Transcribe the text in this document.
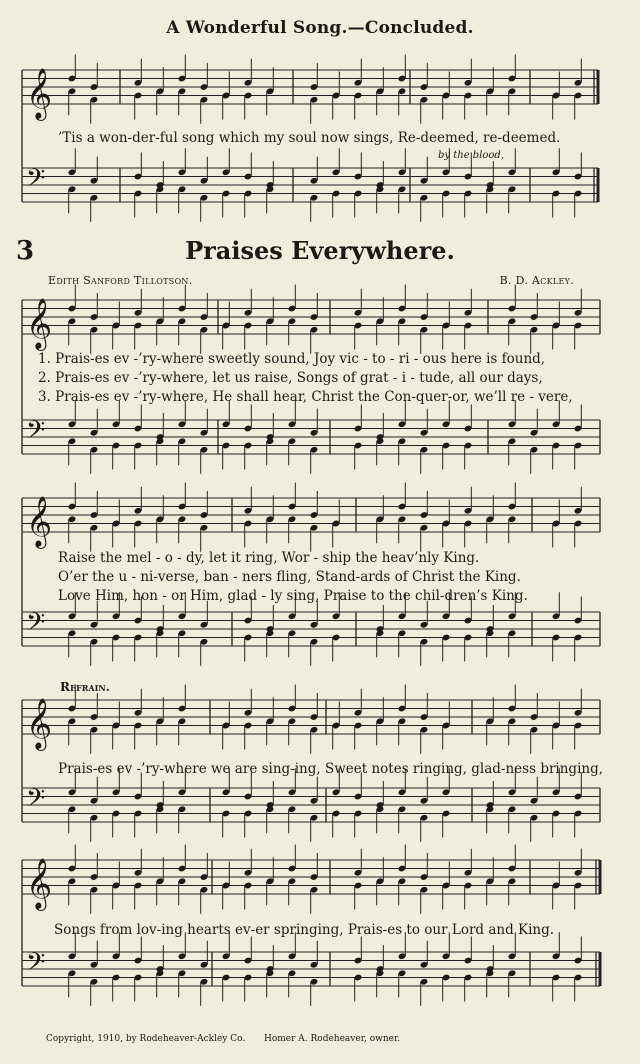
𝄞
𝄢
𝄞
𝄢
𝄞
𝄢
𝄞
𝄢
𝄞
𝄢
A Wonderful Song.—Concluded.
’Tis a won-der-ful song which my soul now sings, Re-deemed, re-deemed.
by the blood,
3	Praises Everywhere.
Edith Sanford Tillotson.	B. D. Ackley.
1. Prais-es ev -’ry-where sweetly sound, Joy vic - to - ri - ous here is found,
2. Prais-es ev -’ry-where, let us raise, Songs of grat - i - tude, all our days,
3. Prais-es ev -’ry-where, He shall hear, Christ the Con-quer-or, we’ll re - vere,
Raise the mel - o - dy, let it ring, Wor - ship the heav’nly King.
O’er the u - ni-verse, ban - ners fling, Stand-ards of Christ the King.
Love Him, hon - or Him, glad - ly sing, Praise to the chil-dren’s King.
Refrain.
Prais-es ev -’ry-where we are sing-ing, Sweet notes ringing, glad-ness bringing,
Songs from lov-ing hearts ev-er springing, Prais-es to our Lord and King.
Copyright, 1910, by Rodeheaver-Ackley Co. Homer A. Rodeheaver, owner.
